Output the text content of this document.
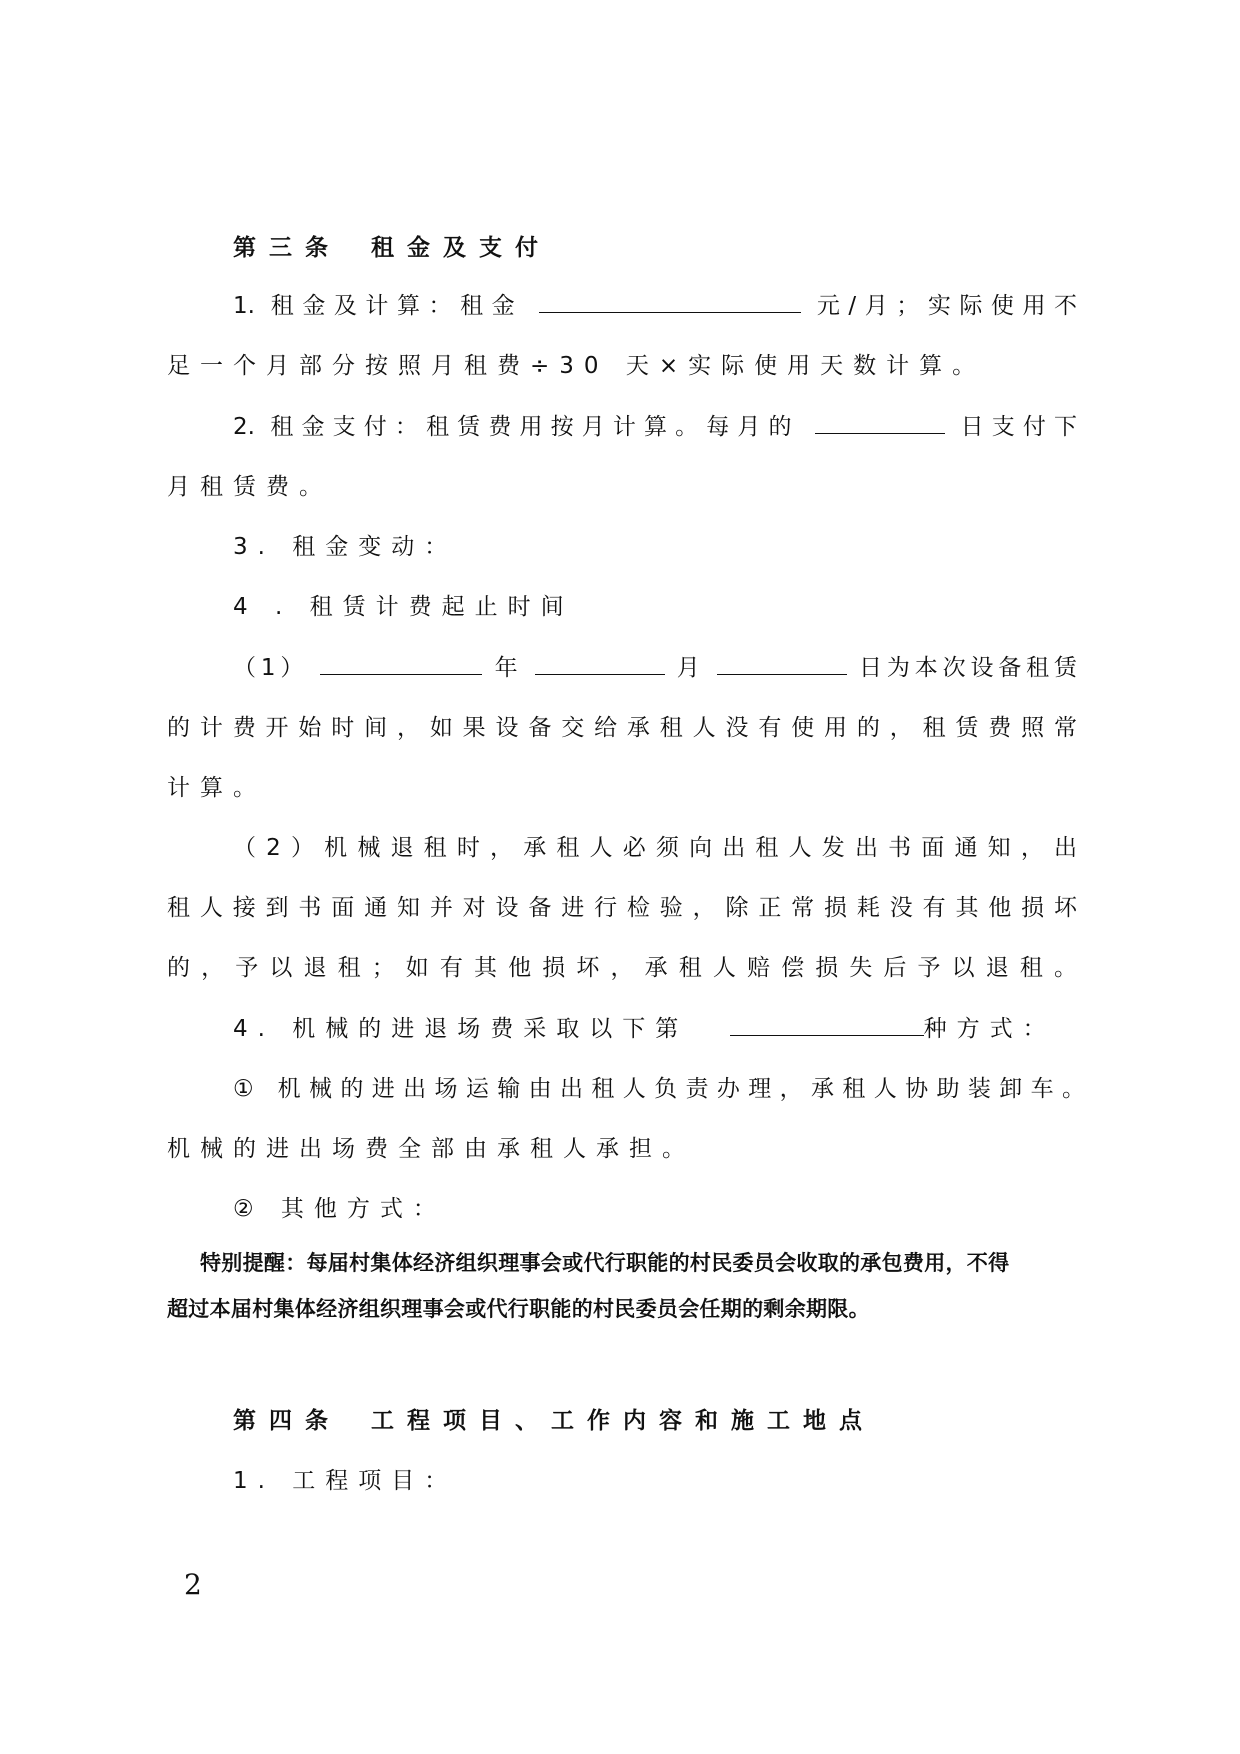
第三条 租金及支付
1. 租金及计算：租金	元/月；实际使用不
足一个月部分按照月租费÷30 天×实际使用天数计算。
2. 租金支付：租赁费用按月计算。每月的	日支付下
月租赁费。
3. 租金变动：
4 . 租赁计费起止时间
（1）	年	月	日为本次设备租赁
的计费开始时间，如果设备交给承租人没有使用的，租赁费照常
计算。
（2）机械退租时，承租人必须向出租人发出书面通知，出
租人接到书面通知并对设备进行检验，除正常损耗没有其他损坏
的，予以退租；如有其他损坏，承租人赔偿损失后予以退租。
4. 机械的进退场费采取以下第	种方式：
① 机械的进出场运输由出租人负责办理，承租人协助装卸车。
机械的进出场费全部由承租人承担。
② 其他方式：
特别提醒：每届村集体经济组织理事会或代行职能的村民委员会收取的承包费用，不得
超过本届村集体经济组织理事会或代行职能的村民委员会任期的剩余期限。
第四条 工程项目、工作内容和施工地点
1. 工程项目：
2
